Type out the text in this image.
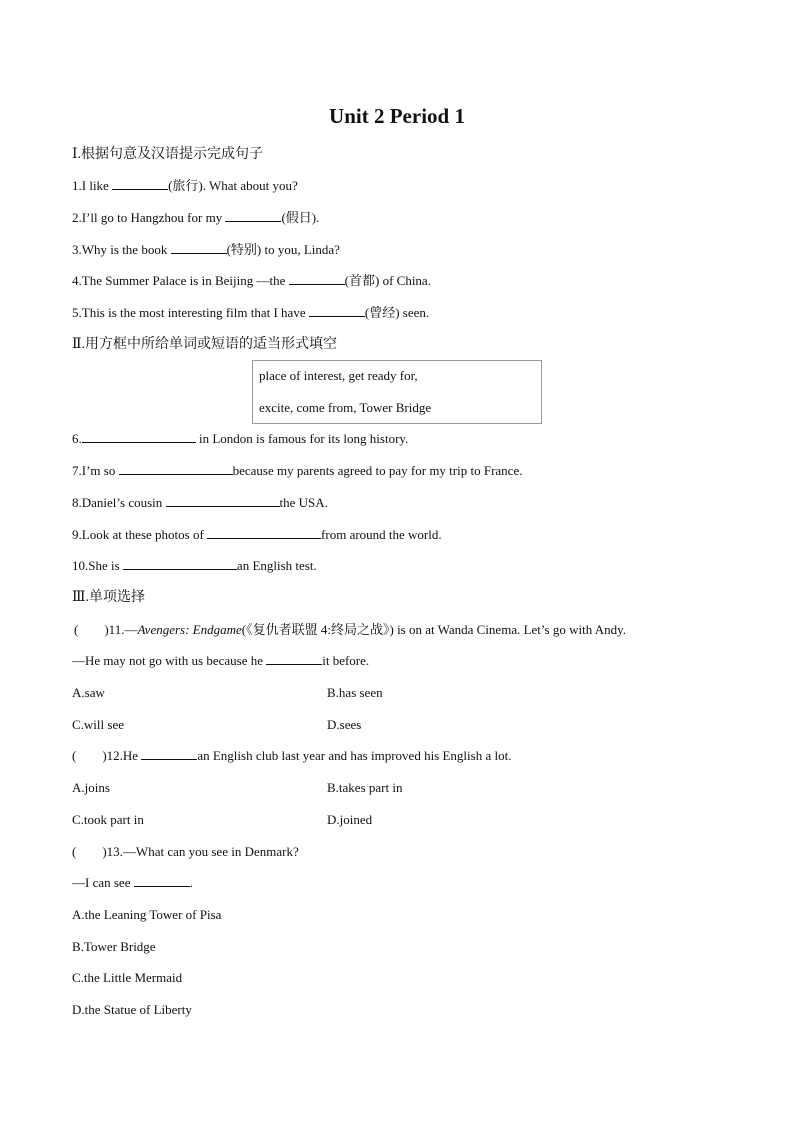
Unit 2 Period 1
Ⅰ.根据句意及汉语提示完成句子
1.I like	(旅行). What about you?
2.I’ll go to Hangzhou for my	(假日).
3.Why is the book	(特别) to you, Linda?
4.The Summer Palace is in Beijing —the	(首都) of China.
5.This is the most interesting film that I have	(曾经) seen.
Ⅱ.用方框中所给单词或短语的适当形式填空
place of interest, get ready for,
excite, come from, Tower Bridge
6.	in London is famous for its long history.
7.I’m so	because my parents agreed to pay for my trip to France.
8.Daniel’s cousin	the USA.
9.Look at these photos of	from around the world.
10.She is	an English test.
Ⅲ.单项选择
(　　)11.—Avengers: Endgame(《复仇者联盟 4:终局之战》) is on at Wanda Cinema. Let’s go with Andy.
—He may not go with us because he	it before.
A.saw	B.has seen
C.will see	D.sees
(　　)12.He	an English club last year and has improved his English a lot.
A.joins	B.takes part in
C.took part in	D.joined
(　　)13.—What can you see in Denmark?
—I can see	.
A.the Leaning Tower of Pisa
B.Tower Bridge
C.the Little Mermaid
D.the Statue of Liberty
